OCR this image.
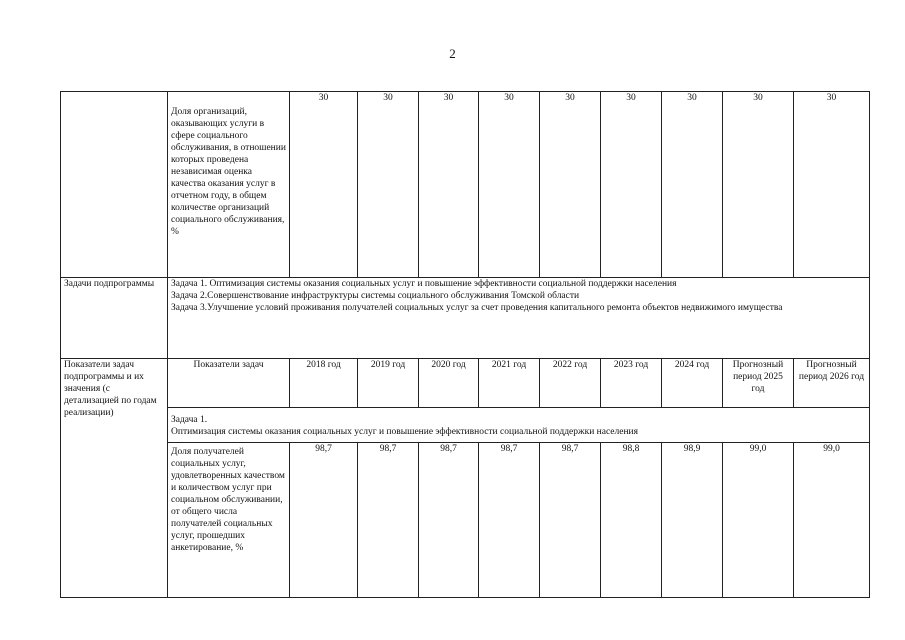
2
	Доля организаций, оказывающих услуги в сфере социального обслуживания, в отношении которых проведена независимая оценка качества оказания услуг в отчетном году, в общем количестве организаций социального обслуживания, %	30	30	30	30	30	30	30	30	30
Задачи подпрограммы	Задача 1. Оптимизация системы оказания социальных услуг и повышение эффективности социальной поддержки населения
Задача 2.Совершенствование инфраструктуры системы социального обслуживания Томской области
Задача 3.Улучшение условий проживания получателей социальных услуг за счет проведения капитального ремонта объектов недвижимого имущества									

Показатели задач подпрограммы и их значения (с детализацией по годам реализации)	Показатели задач	2018 год	2019 год	2020 год	2021 год	2022 год	2023 год	2024 год	Прогнозный период 2025 год	Прогнозный период 2026 год

	Задача 1.
Оптимизация системы оказания социальных услуг и повышение эффективности социальной поддержки населения									

	Доля получателей социальных услуг, удовлетворенных качеством и количеством услуг при социальном обслуживании, от общего числа получателей социальных услуг, прошедших анкетирование, %	98,7	98,7	98,7	98,7	98,7	98,8	98,9	99,0	99,0
